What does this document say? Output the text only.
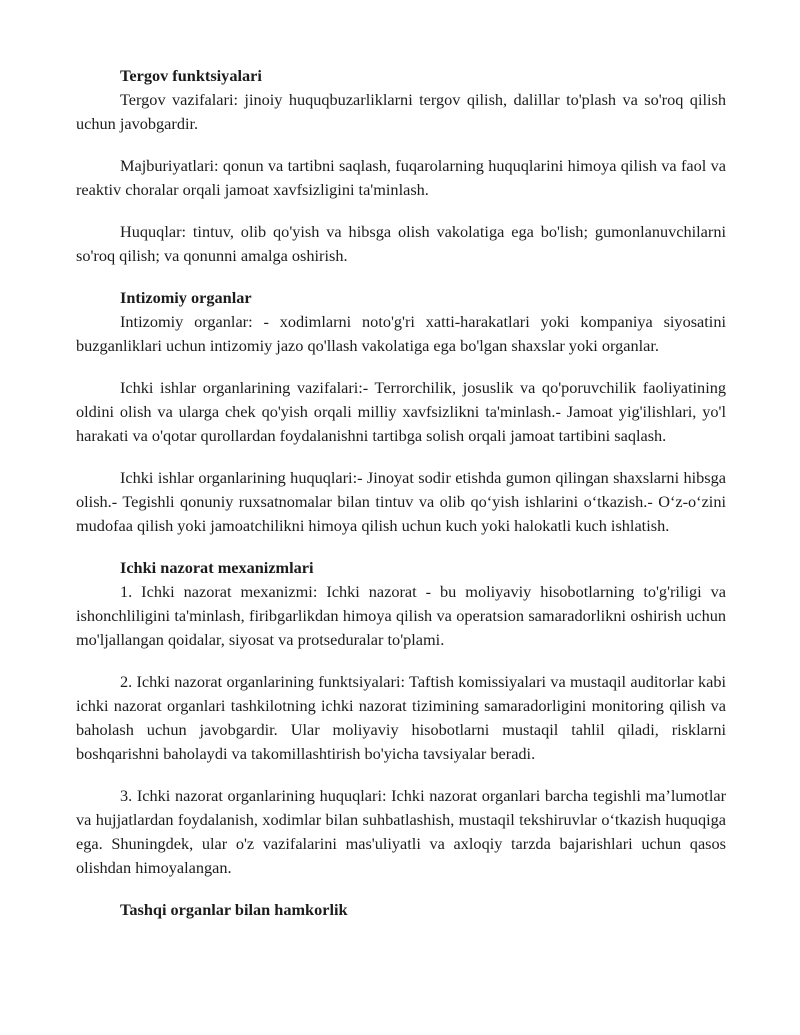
Tergov funktsiyalari

Tergov vazifalari: jinoiy huquqbuzarliklarni tergov qilish, dalillar to'plash va so'roq qilish uchun javobgardir.

Majburiyatlari: qonun va tartibni saqlash, fuqarolarning huquqlarini himoya qilish va faol va reaktiv choralar orqali jamoat xavfsizligini ta'minlash.

Huquqlar: tintuv, olib qo'yish va hibsga olish vakolatiga ega bo'lish; gumonlanuvchilarni so'roq qilish; va qonunni amalga oshirish.

Intizomiy organlar

Intizomiy organlar: - xodimlarni noto'g'ri xatti-harakatlari yoki kompaniya siyosatini buzganliklari uchun intizomiy jazo qo'llash vakolatiga ega bo'lgan shaxslar yoki organlar.

Ichki ishlar organlarining vazifalari:- Terrorchilik, josuslik va qo'poruvchilik faoliyatining oldini olish va ularga chek qo'yish orqali milliy xavfsizlikni ta'minlash.- Jamoat yig'ilishlari, yo'l harakati va o'qotar qurollardan foydalanishni tartibga solish orqali jamoat tartibini saqlash.

Ichki ishlar organlarining huquqlari:- Jinoyat sodir etishda gumon qilingan shaxslarni hibsga olish.- Tegishli qonuniy ruxsatnomalar bilan tintuv va olib qo‘yish ishlarini o‘tkazish.- O‘z-o‘zini mudofaa qilish yoki jamoatchilikni himoya qilish uchun kuch yoki halokatli kuch ishlatish.

Ichki nazorat mexanizmlari

1. Ichki nazorat mexanizmi: Ichki nazorat - bu moliyaviy hisobotlarning to'g'riligi va ishonchliligini ta'minlash, firibgarlikdan himoya qilish va operatsion samaradorlikni oshirish uchun mo'ljallangan qoidalar, siyosat va protseduralar to'plami.

2. Ichki nazorat organlarining funktsiyalari: Taftish komissiyalari va mustaqil auditorlar kabi ichki nazorat organlari tashkilotning ichki nazorat tizimining samaradorligini monitoring qilish va baholash uchun javobgardir. Ular moliyaviy hisobotlarni mustaqil tahlil qiladi, risklarni boshqarishni baholaydi va takomillashtirish bo'yicha tavsiyalar beradi.

3. Ichki nazorat organlarining huquqlari: Ichki nazorat organlari barcha tegishli ma’lumotlar va hujjatlardan foydalanish, xodimlar bilan suhbatlashish, mustaqil tekshiruvlar o‘tkazish huquqiga ega. Shuningdek, ular o'z vazifalarini mas'uliyatli va axloqiy tarzda bajarishlari uchun qasos olishdan himoyalangan.

Tashqi organlar bilan hamkorlik
